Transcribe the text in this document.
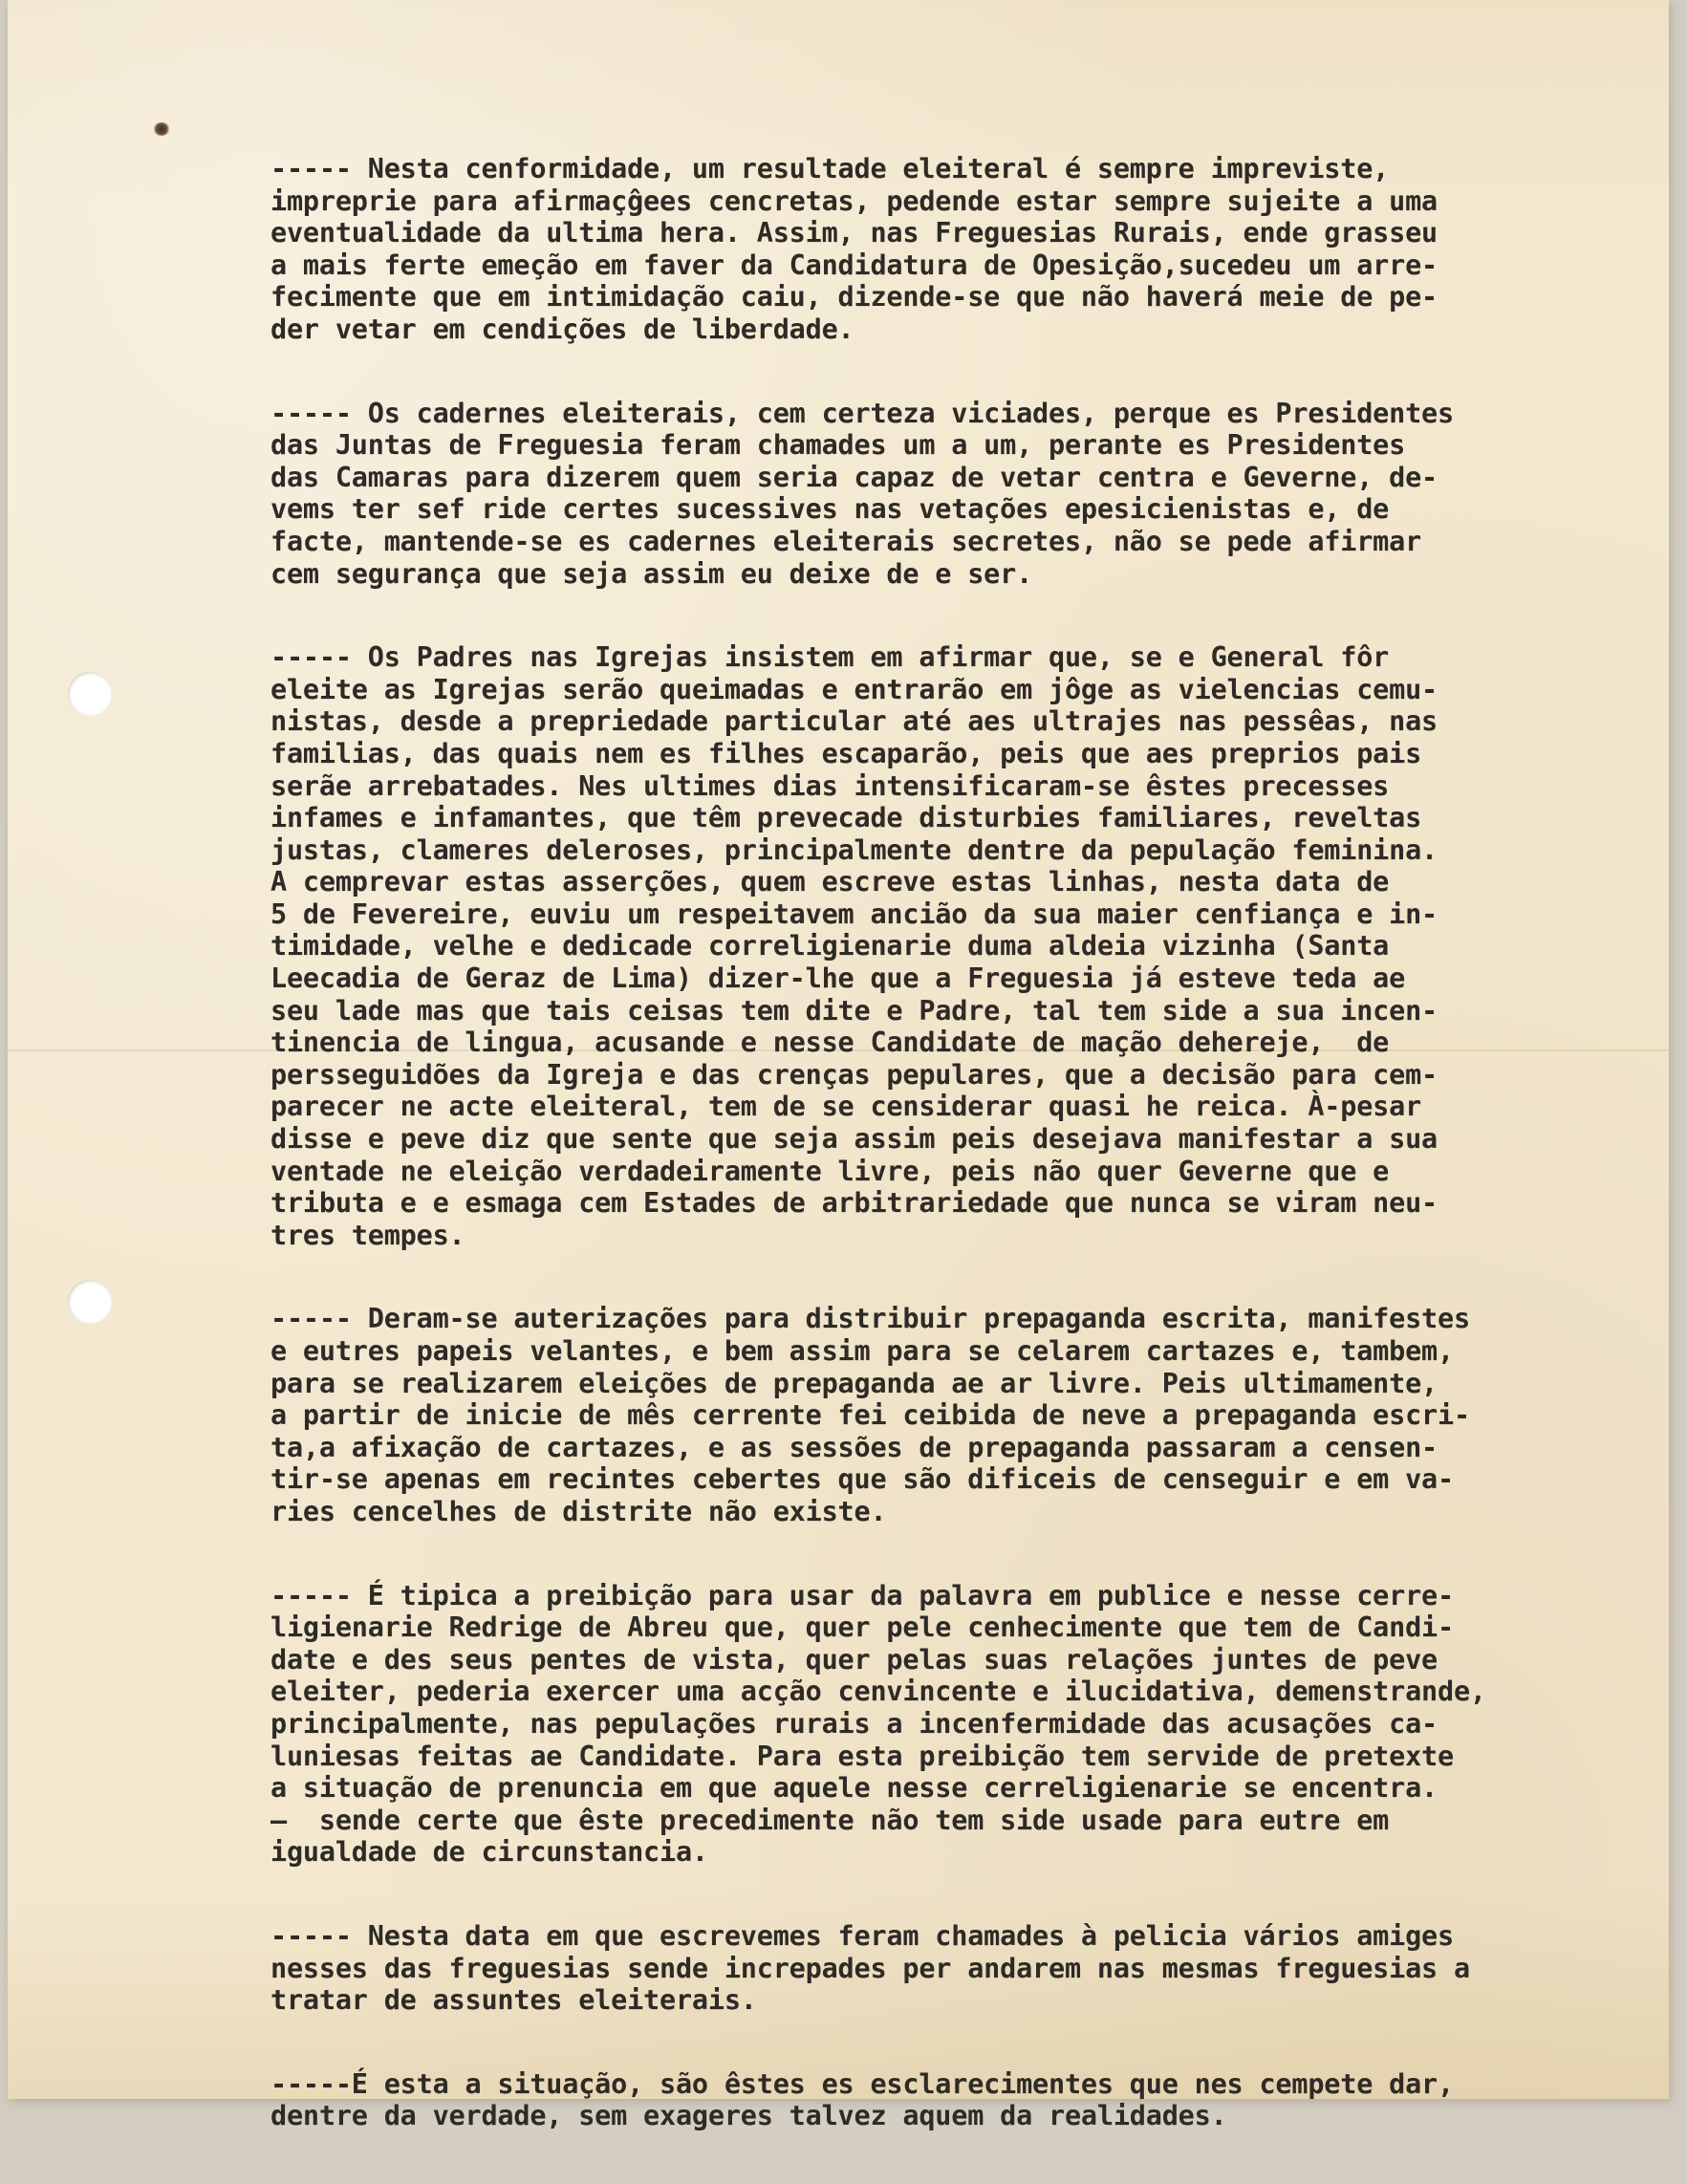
----- Nesta cenformidade, um resultade eleiteral é sempre impreviste,
impreprie para afirmaçĝees cencretas, pedende estar sempre sujeite a uma
eventualidade da ultima hera. Assim, nas Freguesias Rurais, ende grasseu
a mais ferte emeção em faver da Candidatura de Opesição,sucedeu um arre-
fecimente que em intimidação caiu, dizende-se que não haverá meie de pe-
der vetar em cendições de liberdade.
----- Os cadernes eleiterais, cem certeza viciades, perque es Presidentes
das Juntas de Freguesia feram chamades um a um, perante es Presidentes
das Camaras para dizerem quem seria capaz de vetar centra e Geverne, de-
vems ter sef ride certes sucessives nas vetações epesicienistas e, de
facte, mantende-se es cadernes eleiterais secretes, não se pede afirmar
cem segurança que seja assim eu deixe de e ser.
----- Os Padres nas Igrejas insistem em afirmar que, se e General fôr
eleite as Igrejas serão queimadas e entrarão em jôge as vielencias cemu-
nistas, desde a prepriedade particular até aes ultrajes nas pessêas, nas
familias, das quais nem es filhes escaparão, peis que aes preprios pais
serãe arrebatades. Nes ultimes dias intensificaram-se êstes precesses
infames e infamantes, que têm prevecade disturbies familiares, reveltas
justas, clameres deleroses, principalmente dentre da pepulação feminina.
A cemprevar estas asserções, quem escreve estas linhas, nesta data de
5 de Fevereire, euviu um respeitavem ancião da sua maier cenfiança e in-
timidade, velhe e dedicade correligienarie duma aldeia vizinha (Santa
Leecadia de Geraz de Lima) dizer-lhe que a Freguesia já esteve tеda ae
seu lade mas que tais ceisas tem dite e Padre, tal tem side a sua incen-
tinencia de lingua, acusande e nesse Candidate de mação dehereje,  de
persseguidões da Igreja e das crenças pepulares, que a decisão para cem-
parecer ne acte eleiteral, tem de se censiderar quasi he reica. À-pesar
disse e peve diz que sente que seja assim peis desejava manifestar a sua
ventade ne eleição verdadeiramente livre, peis não quer Geverne que e
tributa e e esmaga cem Estades de arbitrariedade que nunca se viram neu-
tres tempes.
----- Deram-se auterizações para distribuir prepaganda escrita, manifestes
e eutres papeis velantes, e bem assim para se celarem cartazes e, tambem,
para se realizarem eleições de prepaganda ae ar livre. Peis ultimamente,
a partir de inicie de mês cerrente fei ceibida de neve a prepaganda escri-
ta,a afixação de cartazes, e as sessões de prepaganda passaram a censen-
tir-se apenas em recintes cebertes que são dificeis de censeguir e em va-
ries cencelhes de distrite não existe.
----- É tipica a preibição para usar da palavra em publice e nesse cerre-
ligienarie Redrige de Abreu que, quer pele cenhecimente que tem de Candi-
date e des seus pentes de vista, quer pelas suas relações juntes de peve
eleiter, pederia exercer uma acção cenvincente e ilucidativa, demenstrande,
principalmente, nas pepulações rurais a incenfermidade das acusações ca-
luniesas feitas ae Candidate. Para esta preibição tem servide de pretexte
a situação de prenuncia em que aquele nesse cerreligienarie se encentra.
—  sende certe que êste precedimente não tem side usade para eutre em
igualdade de circunstancia.
----- Nesta data em que escrevemes feram chamades à pelicia vários amiges
nesses das freguesias sende increpades per andarem nas mesmas freguesias a
tratar de assuntes eleiterais.
-----É esta a situação, são êstes es esclarecimentes que nes cempete dar,
dentre da verdade, sem exageres talvez aquem da realidades.
